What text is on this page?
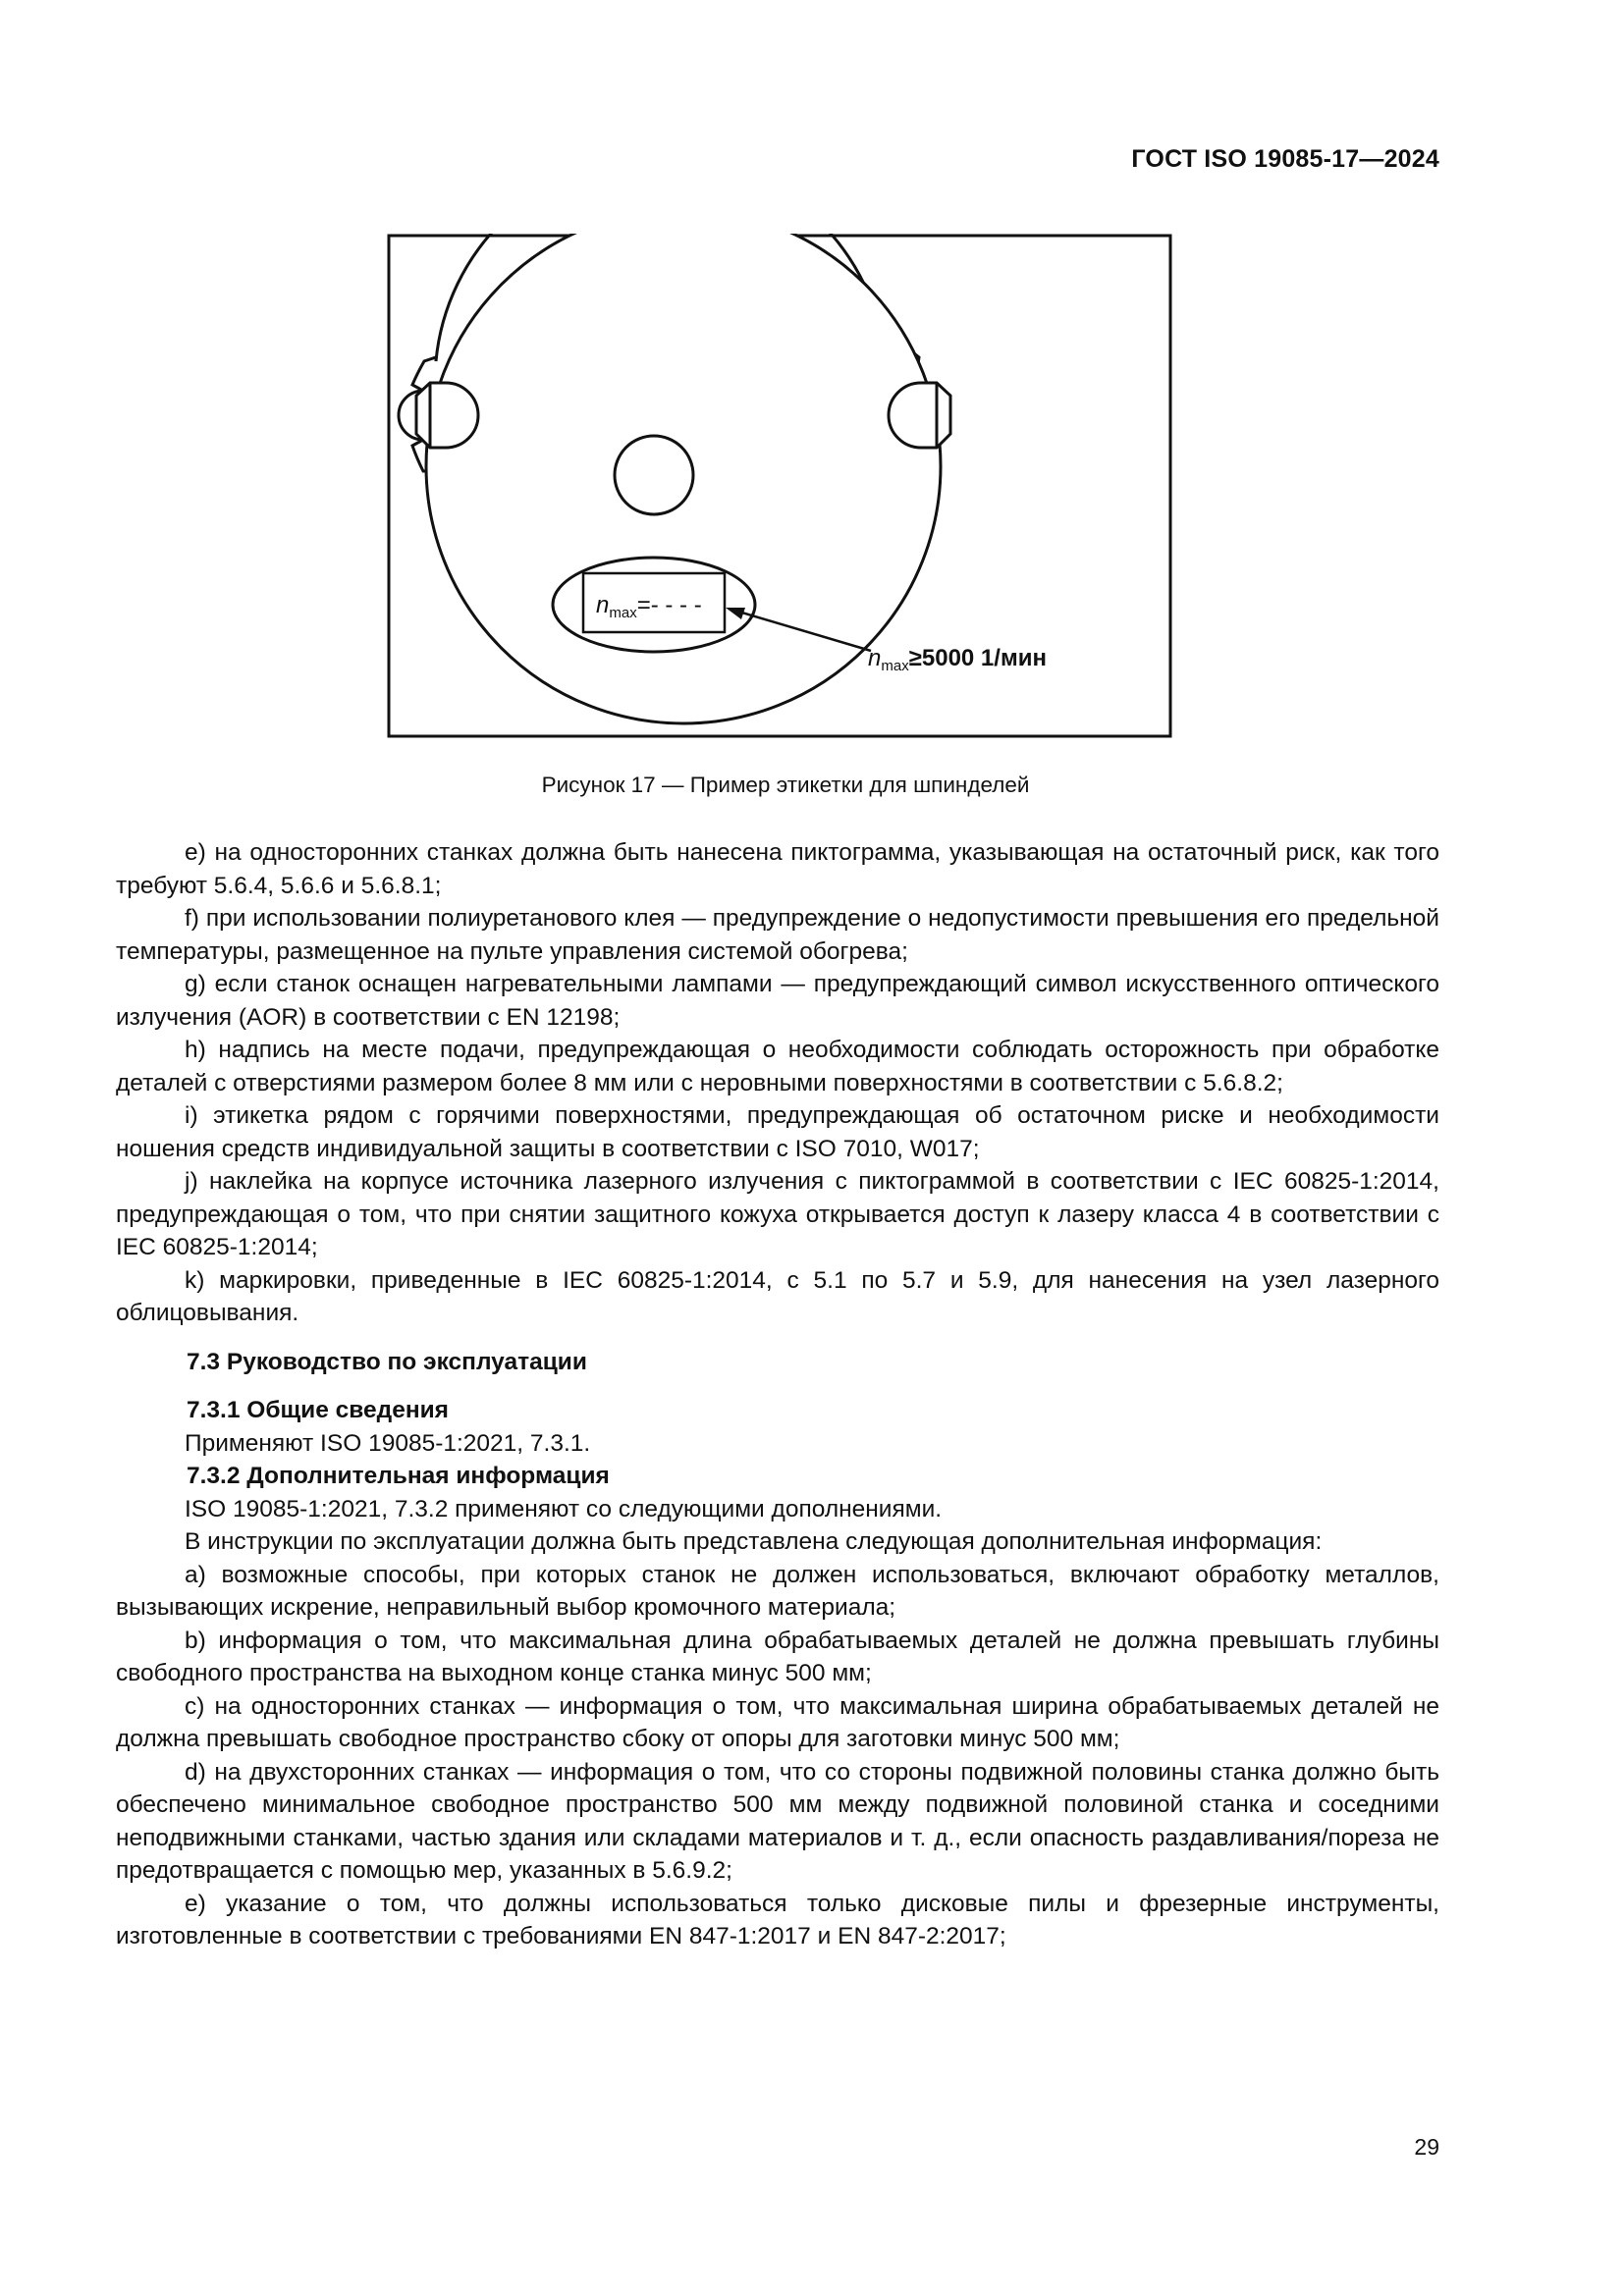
ГОСТ ISO 19085-17—2024
$n_{max}=-$ - - -
$n_{max}\ge 5000$ 1/мин
Рисунок 17 — Пример этикетки для шпинделей

e) на односторонних станках должна быть нанесена пиктограмма, указывающая на остаточный риск, как того требуют 5.6.4, 5.6.6 и 5.6.8.1;

f) при использовании полиуретанового клея — предупреждение о недопустимости превышения его предельной температуры, размещенное на пульте управления системой обогрева;

g) если станок оснащен нагревательными лампами — предупреждающий символ искусственного оптического излучения (AOR) в соответствии с EN 12198;

h) надпись на месте подачи, предупреждающая о необходимости соблюдать осторожность при обработке деталей с отверстиями размером более 8 мм или с неровными поверхностями в соответствии с 5.6.8.2;

i) этикетка рядом с горячими поверхностями, предупреждающая об остаточном риске и необходимости ношения средств индивидуальной защиты в соответствии с ISO 7010, W017;

j) наклейка на корпусе источника лазерного излучения с пиктограммой в соответствии с IEC 60825-1:2014, предупреждающая о том, что при снятии защитного кожуха открывается доступ к лазеру класса 4 в соответствии с IEC 60825-1:2014;

k) маркировки, приведенные в IEC 60825-1:2014, с 5.1 по 5.7 и 5.9, для нанесения на узел лазерного облицовывания.

7.3 Руководство по эксплуатации

7.3.1 Общие сведения

Применяют ISO 19085-1:2021, 7.3.1.

7.3.2 Дополнительная информация

ISO 19085-1:2021, 7.3.2 применяют со следующими дополнениями.

В инструкции по эксплуатации должна быть представлена следующая дополнительная информация:

a) возможные способы, при которых станок не должен использоваться, включают обработку металлов, вызывающих искрение, неправильный выбор кромочного материала;

b) информация о том, что максимальная длина обрабатываемых деталей не должна превышать глубины свободного пространства на выходном конце станка минус 500 мм;

c) на односторонних станках — информация о том, что максимальная ширина обрабатываемых деталей не должна превышать свободное пространство сбоку от опоры для заготовки минус 500 мм;

d) на двухсторонних станках — информация о том, что со стороны подвижной половины станка должно быть обеспечено минимальное свободное пространство 500 мм между подвижной половиной станка и соседними неподвижными станками, частью здания или складами материалов и т. д., если опасность раздавливания/пореза не предотвращается с помощью мер, указанных в 5.6.9.2;

e) указание о том, что должны использоваться только дисковые пилы и фрезерные инструменты, изготовленные в соответствии с требованиями EN 847-1:2017 и EN 847-2:2017;

29
